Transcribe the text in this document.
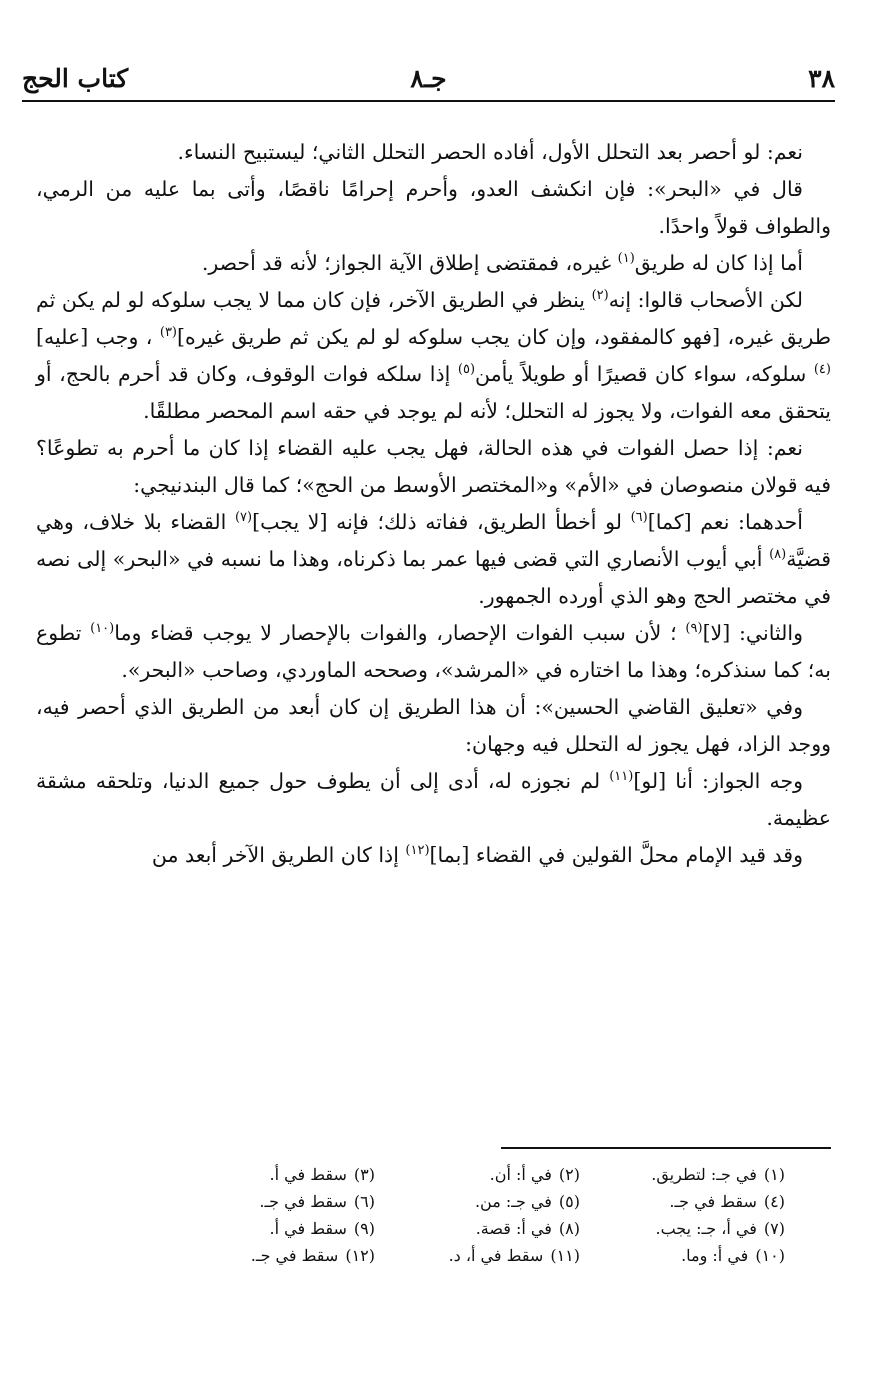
٣٨
جـ٨
كتاب الحج

نعم: لو أحصر بعد التحلل الأول، أفاده الحصر التحلل الثاني؛ ليستبيح النساء.

قال في «البحر»: فإن انكشف العدو، وأحرم إحرامًا ناقصًا، وأتى بما عليه من الرمي، والطواف قولاً واحدًا.

أما إذا كان له طريق$^{(١)}$ غيره، فمقتضى إطلاق الآية الجواز؛ لأنه قد أحصر.

لكن الأصحاب قالوا: إنه$^{(٢)}$ ينظر في الطريق الآخر، فإن كان مما لا يجب سلوكه لو لم يكن ثم طريق غيره، [فهو كالمفقود، وإن كان يجب سلوكه لو لم يكن ثم طريق غيره]$^{(٣)}$ ، وجب [عليه]$^{(٤)}$ سلوكه، سواء كان قصيرًا أو طويلاً يأمن$^{(٥)}$ إذا سلكه فوات الوقوف، وكان قد أحرم بالحج، أو يتحقق معه الفوات، ولا يجوز له التحلل؛ لأنه لم يوجد في حقه اسم المحصر مطلقًا.

نعم: إذا حصل الفوات في هذه الحالة، فهل يجب عليه القضاء إذا كان ما أحرم به تطوعًا؟ فيه قولان منصوصان في «الأم» و«المختصر الأوسط من الحج»؛ كما قال البندنيجي:

أحدهما: نعم [كما]$^{(٦)}$ لو أخطأ الطريق، ففاته ذلك؛ فإنه [لا يجب]$^{(٧)}$ القضاء بلا خلاف، وهي قضيَّة$^{(٨)}$ أبي أيوب الأنصاري التي قضى فيها عمر بما ذكرناه، وهذا ما نسبه في «البحر» إلى نصه في مختصر الحج وهو الذي أورده الجمهور.

والثاني: [لا]$^{(٩)}$ ؛ لأن سبب الفوات الإحصار، والفوات بالإحصار لا يوجب قضاء وما$^{(١٠)}$ تطوع به؛ كما سنذكره؛ وهذا ما اختاره في «المرشد»، وصححه الماوردي، وصاحب «البحر».

وفي «تعليق القاضي الحسين»: أن هذا الطريق إن كان أبعد من الطريق الذي أحصر فيه، ووجد الزاد، فهل يجوز له التحلل فيه وجهان:

وجه الجواز: أنا [لو]$^{(١١)}$ لم نجوزه له، أدى إلى أن يطوف حول جميع الدنيا، وتلحقه مشقة عظيمة.

وقد قيد الإمام محلَّ القولين في القضاء [بما]$^{(١٢)}$ إذا كان الطريق الآخر أبعد من

(١)في جـ: لتطريق.
(٢)في أ: أن.
(٣)سقط في أ.
(٤)سقط في جـ.
(٥)في جـ: من.
(٦)سقط في جـ.
(٧)في أ، جـ: يجب.
(٨)في أ: قصة.
(٩)سقط في أ.
(١٠)في أ: وما.
(١١)سقط في أ، د.
(١٢)سقط في جـ.
